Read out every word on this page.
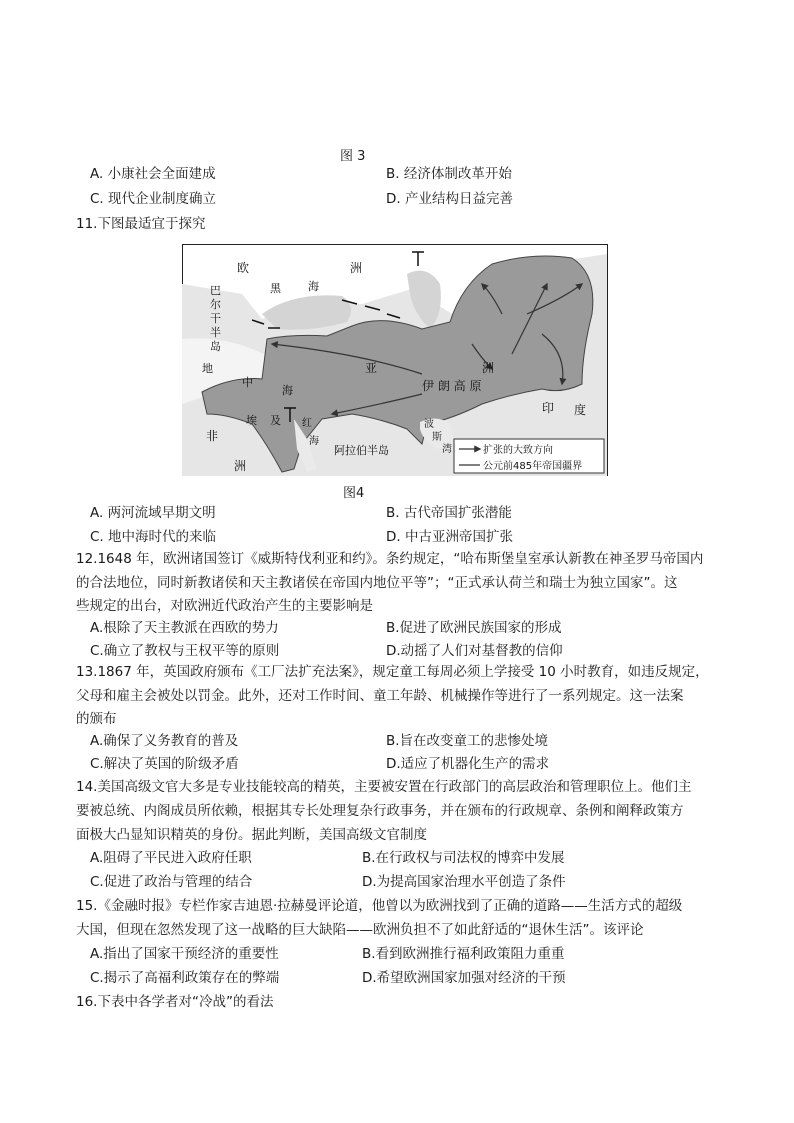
图 3
A. 小康社会全面建成	B. 经济体制改革开始
C. 现代企业制度确立	D. 产业结构日益完善
11.下图最适宜于探究
欧	洲
巴
尔
干
半
岛
黑 海
地
中
海
亚	洲
伊 朗 高 原
印 度
埃 及
非
洲
红
海
阿拉伯半岛
波
斯
湾	扩张的大致方向
公元前485年帝国疆界
图4
A. 两河流域早期文明	B. 古代帝国扩张潜能
C. 地中海时代的来临	D. 中古亚洲帝国扩张
12.1648 年，欧洲诸国签订《威斯特伐利亚和约》。条约规定，“哈布斯堡皇室承认新教在神圣罗马帝国内
的合法地位，同时新教诸侯和天主教诸侯在帝国内地位平等”；“正式承认荷兰和瑞士为独立国家”。这
些规定的出台，对欧洲近代政治产生的主要影响是
A.根除了天主教派在西欧的势力	B.促进了欧洲民族国家的形成
C.确立了教权与王权平等的原则	D.动摇了人们对基督教的信仰
13.1867 年，英国政府颁布《工厂法扩充法案》，规定童工每周必须上学接受 10 小时教育，如违反规定，
父母和雇主会被处以罚金。此外，还对工作时间、童工年龄、机械操作等进行了一系列规定。这一法案
的颁布
A.确保了义务教育的普及	B.旨在改变童工的悲惨处境
C.解决了英国的阶级矛盾	D.适应了机器化生产的需求
14.美国高级文官大多是专业技能较高的精英，主要被安置在行政部门的高层政治和管理职位上。他们主
要被总统、内阁成员所依赖，根据其专长处理复杂行政事务，并在颁布的行政规章、条例和阐释政策方
面极大凸显知识精英的身份。据此判断，美国高级文官制度
A.阻碍了平民进入政府任职	B.在行政权与司法权的博弈中发展
C.促进了政治与管理的结合	D.为提高国家治理水平创造了条件
15.《金融时报》专栏作家吉迪恩·拉赫曼评论道，他曾以为欧洲找到了正确的道路——生活方式的超级
大国，但现在忽然发现了这一战略的巨大缺陷——欧洲负担不了如此舒适的“退休生活”。该评论
A.指出了国家干预经济的重要性	B.看到欧洲推行福利政策阻力重重
C.揭示了高福利政策存在的弊端	D.希望欧洲国家加强对经济的干预
16.下表中各学者对“冷战”的看法
